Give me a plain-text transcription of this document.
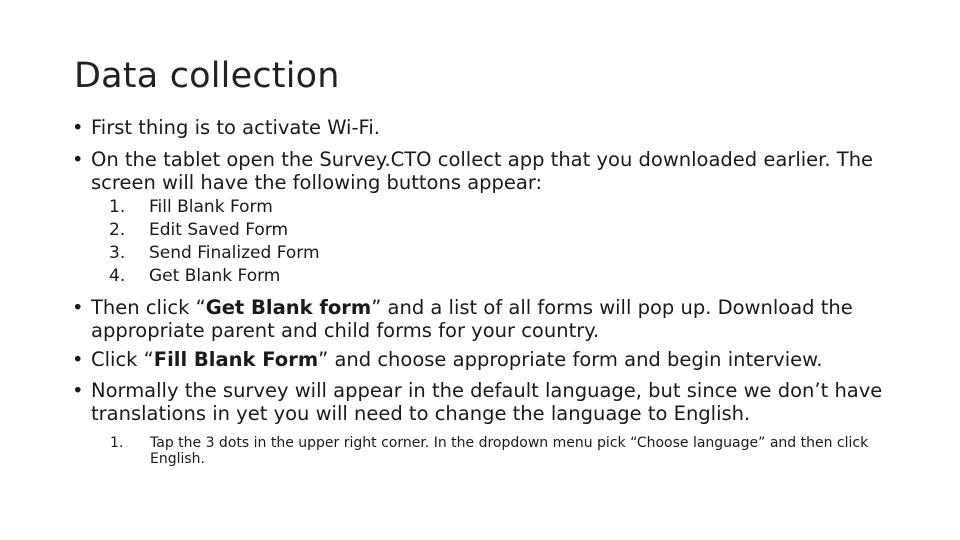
Data collection
• First thing is to activate Wi-Fi.
• On the tablet open the Survey.CTO collect app that you downloaded earlier. The screen will have the following buttons appear:
1.	Fill Blank Form
2.	Edit Saved Form
3.	Send Finalized Form
4.	Get Blank Form
• Then click “Get Blank form” and a list of all forms will pop up. Download the appropriate parent and child forms for your country.
• Click “Fill Blank Form” and choose appropriate form and begin interview.
• Normally the survey will appear in the default language, but since we don’t have translations in yet you will need to change the language to English.
1.	Tap the 3 dots in the upper right corner. In the dropdown menu pick “Choose language” and then click English.
